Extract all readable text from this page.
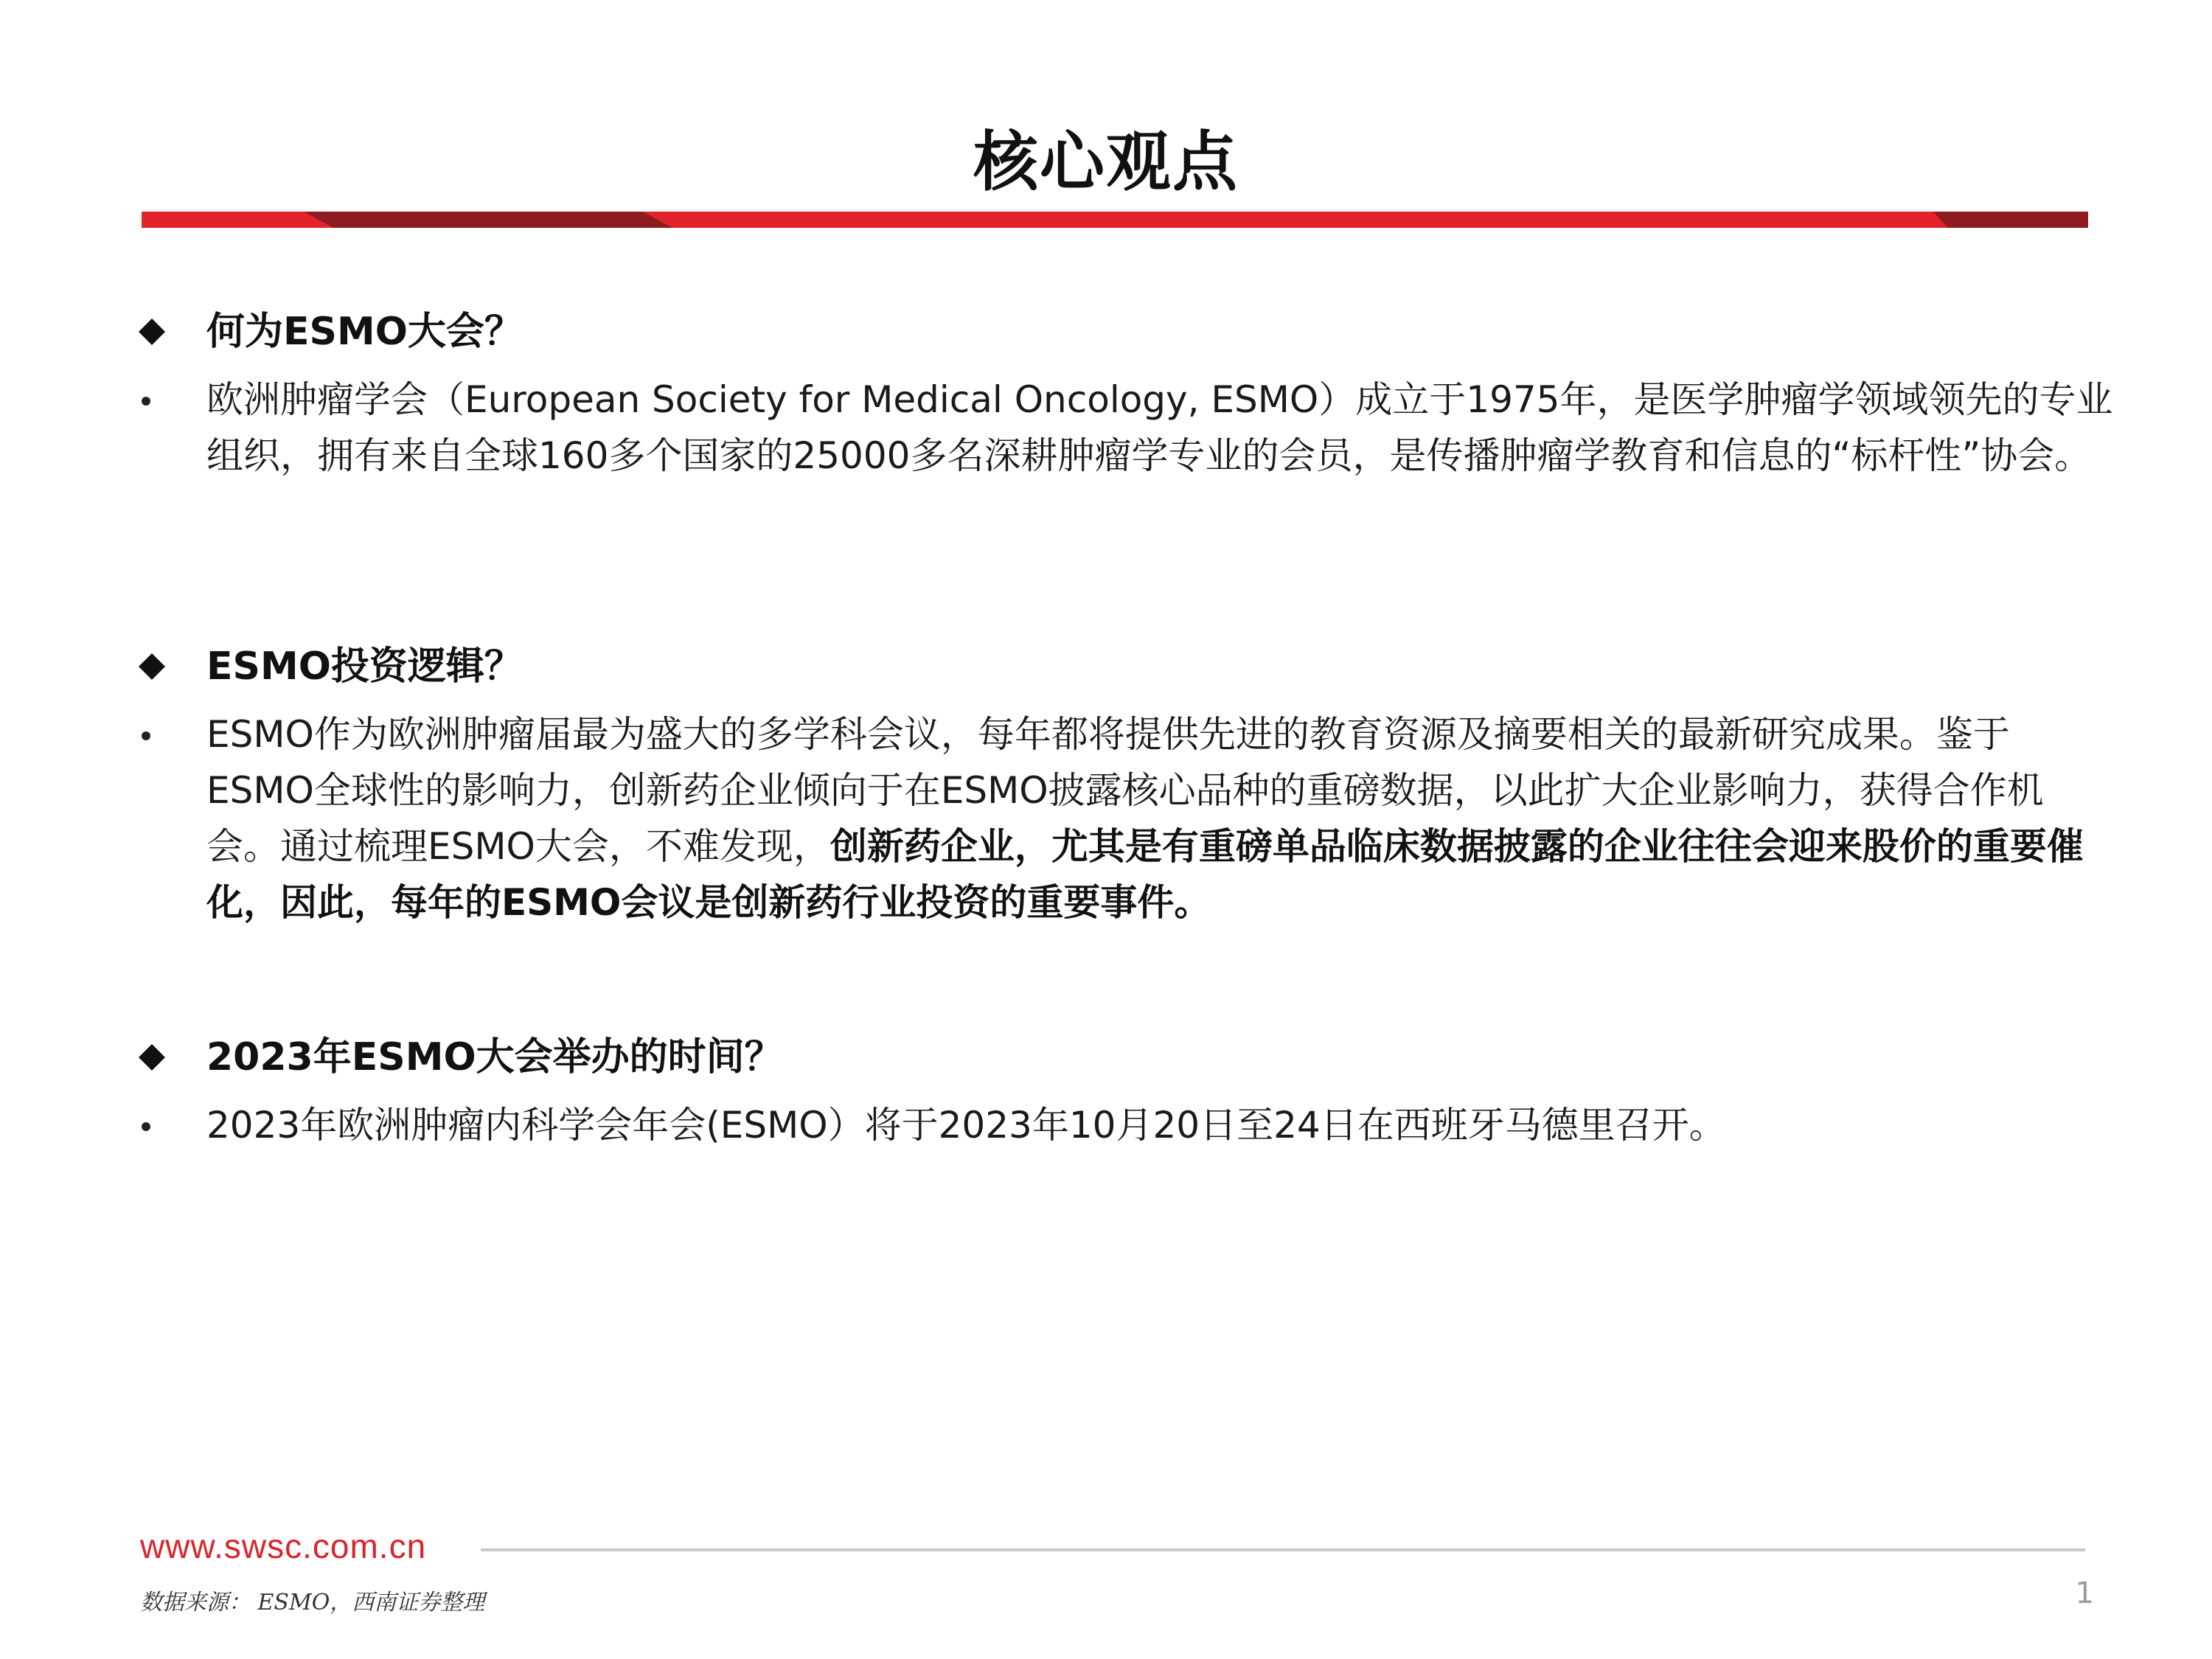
核心观点
何为ESMO大会？
欧洲肿瘤学会（European Society for Medical Oncology, ESMO）成立于1975年，是医学肿瘤学领域领先的专业组织，拥有来自全球160多个国家的25000多名深耕肿瘤学专业的会员，是传播肿瘤学教育和信息的“标杆性”协会。
ESMO投资逻辑？
ESMO作为欧洲肿瘤届最为盛大的多学科会议，每年都将提供先进的教育资源及摘要相关的最新研究成果。鉴于ESMO全球性的影响力，创新药企业倾向于在ESMO披露核心品种的重磅数据，以此扩大企业影响力，获得合作机会。通过梳理ESMO大会，不难发现，创新药企业，尤其是有重磅单品临床数据披露的企业往往会迎来股价的重要催化，因此，每年的ESMO会议是创新药行业投资的重要事件。
2023年ESMO大会举办的时间？
2023年欧洲肿瘤内科学会年会(ESMO）将于2023年10月20日至24日在西班牙马德里召开。
www.swsc.com.cn
数据来源： ESMO，西南证券整理	1
